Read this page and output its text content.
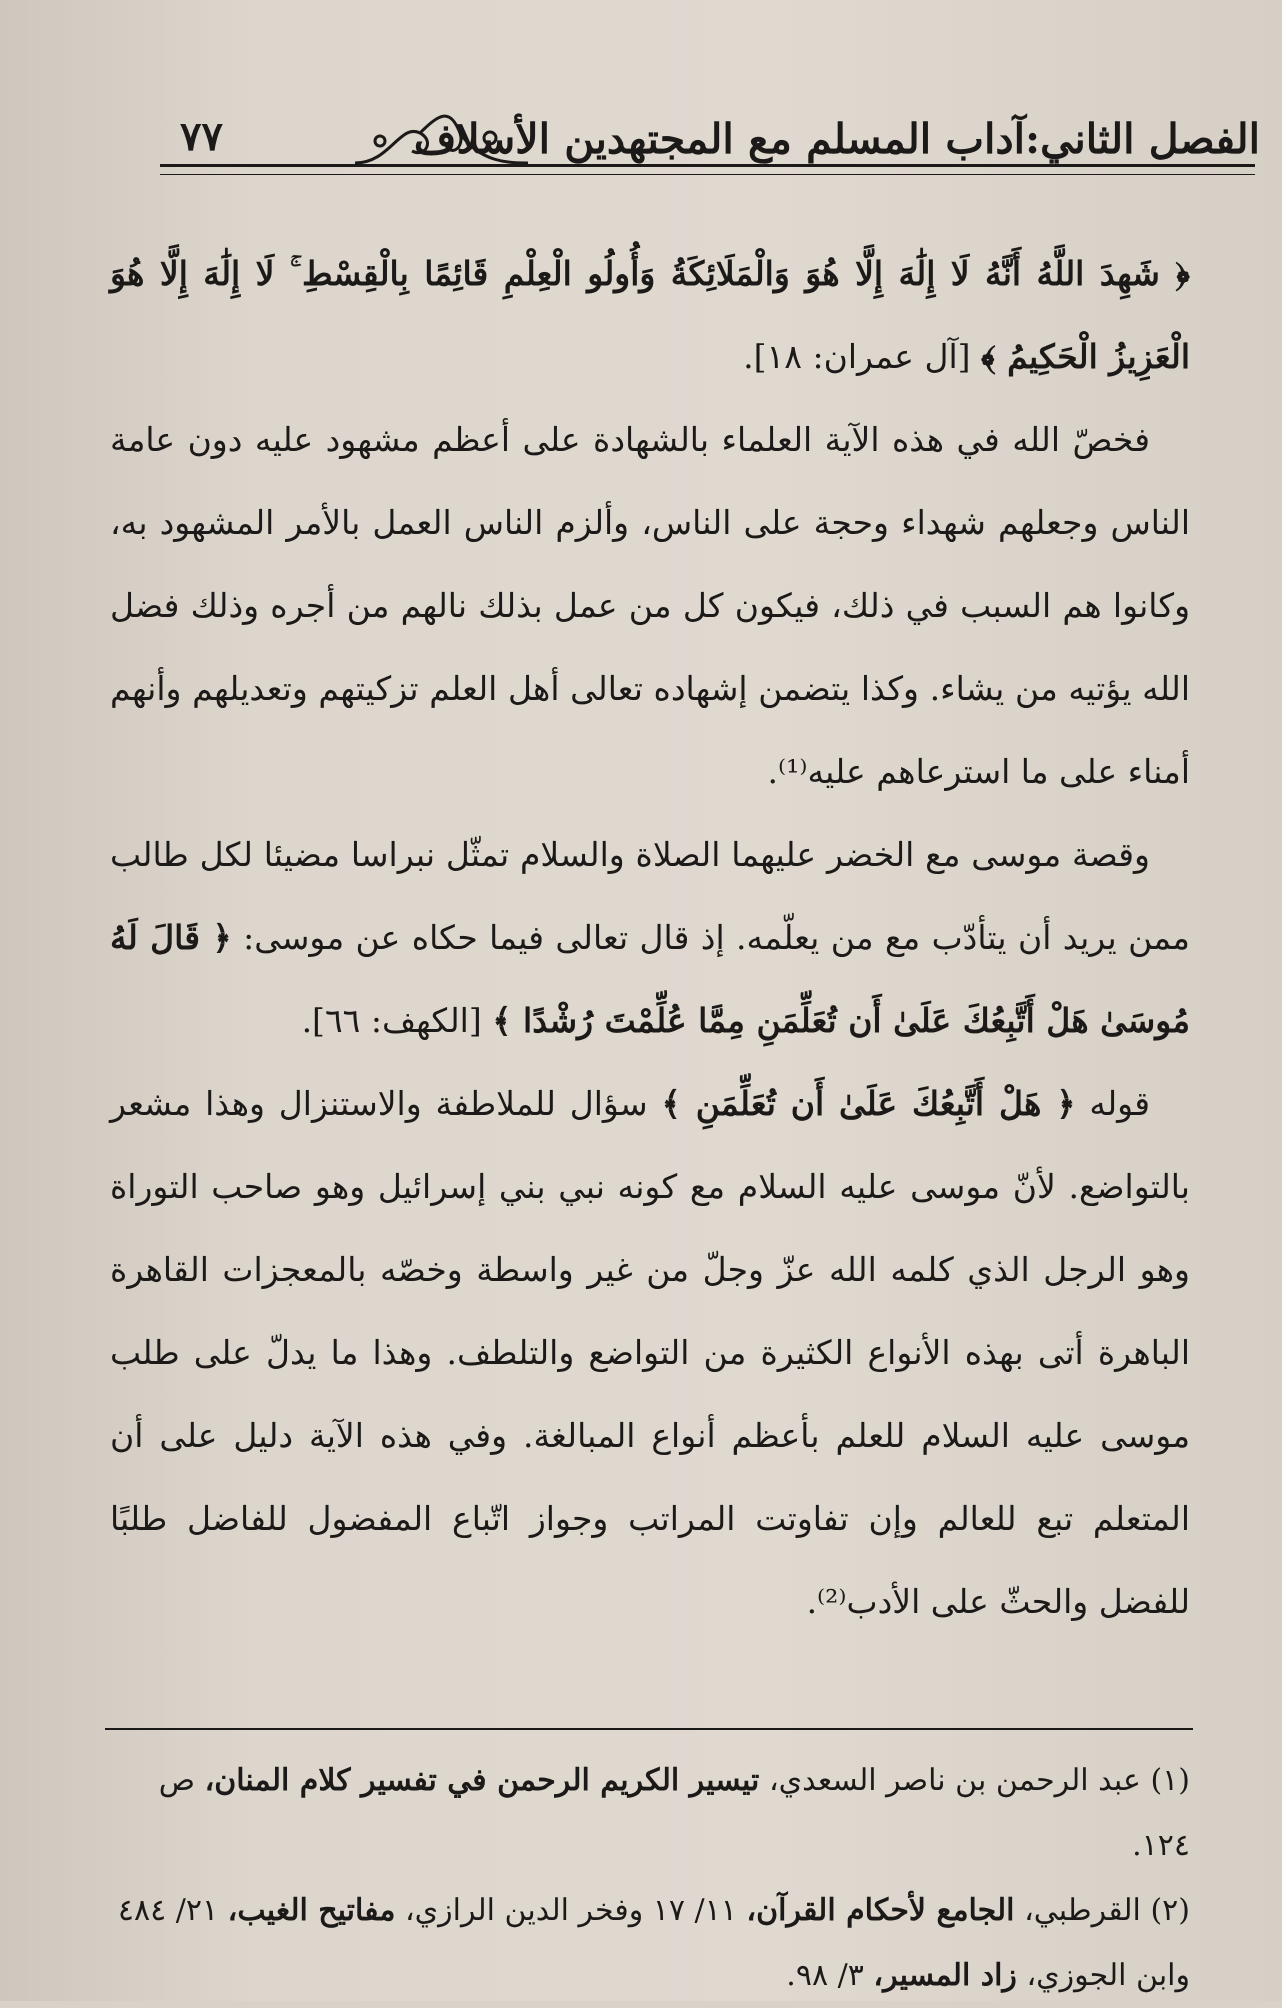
٧٧	الفصل الثاني:آداب المسلم مع المجتهدين الأسلاف

﴿ شَهِدَ اللَّهُ أَنَّهُ لَا إِلَٰهَ إِلَّا هُوَ وَالْمَلَائِكَةُ وَأُولُو الْعِلْمِ قَائِمًا بِالْقِسْطِ ۚ لَا إِلَٰهَ إِلَّا هُوَ الْعَزِيزُ الْحَكِيمُ ﴾ [آل عمران: ١٨].

فخصّ الله في هذه الآية العلماء بالشهادة على أعظم مشهود عليه دون عامة الناس وجعلهم شهداء وحجة على الناس، وألزم الناس العمل بالأمر المشهود به، وكانوا هم السبب في ذلك، فيكون كل من عمل بذلك نالهم من أجره وذلك فضل الله يؤتيه من يشاء. وكذا يتضمن إشهاده تعالى أهل العلم تزكيتهم وتعديلهم وأنهم أمناء على ما استرعاهم عليه⁽¹⁾.

وقصة موسى مع الخضر عليهما الصلاة والسلام تمثّل نبراسا مضيئا لكل طالب ممن يريد أن يتأدّب مع من يعلّمه. إذ قال تعالى فيما حكاه عن موسى: ﴿ قَالَ لَهُ مُوسَىٰ هَلْ أَتَّبِعُكَ عَلَىٰ أَن تُعَلِّمَنِ مِمَّا عُلِّمْتَ رُشْدًا ﴾ [الكهف: ٦٦].

قوله ﴿ هَلْ أَتَّبِعُكَ عَلَىٰ أَن تُعَلِّمَنِ ﴾ سؤال للملاطفة والاستنزال وهذا مشعر بالتواضع. لأنّ موسى عليه السلام مع كونه نبي بني إسرائيل وهو صاحب التوراة وهو الرجل الذي كلمه الله عزّ وجلّ من غير واسطة وخصّه بالمعجزات القاهرة الباهرة أتى بهذه الأنواع الكثيرة من التواضع والتلطف. وهذا ما يدلّ على طلب موسى عليه السلام للعلم بأعظم أنواع المبالغة. وفي هذه الآية دليل على أن المتعلم تبع للعالم وإن تفاوتت المراتب وجواز اتّباع المفضول للفاضل طلبًا للفضل والحثّ على الأدب⁽²⁾.

(١) عبد الرحمن بن ناصر السعدي، تيسير الكريم الرحمن في تفسير كلام المنان، ص ١٢٤.

(٢) القرطبي، الجامع لأحكام القرآن، ١١/ ١٧ وفخر الدين الرازي، مفاتيح الغيب، ٢١/ ٤٨٤

وابن الجوزي، زاد المسير، ٣/ ٩٨.
